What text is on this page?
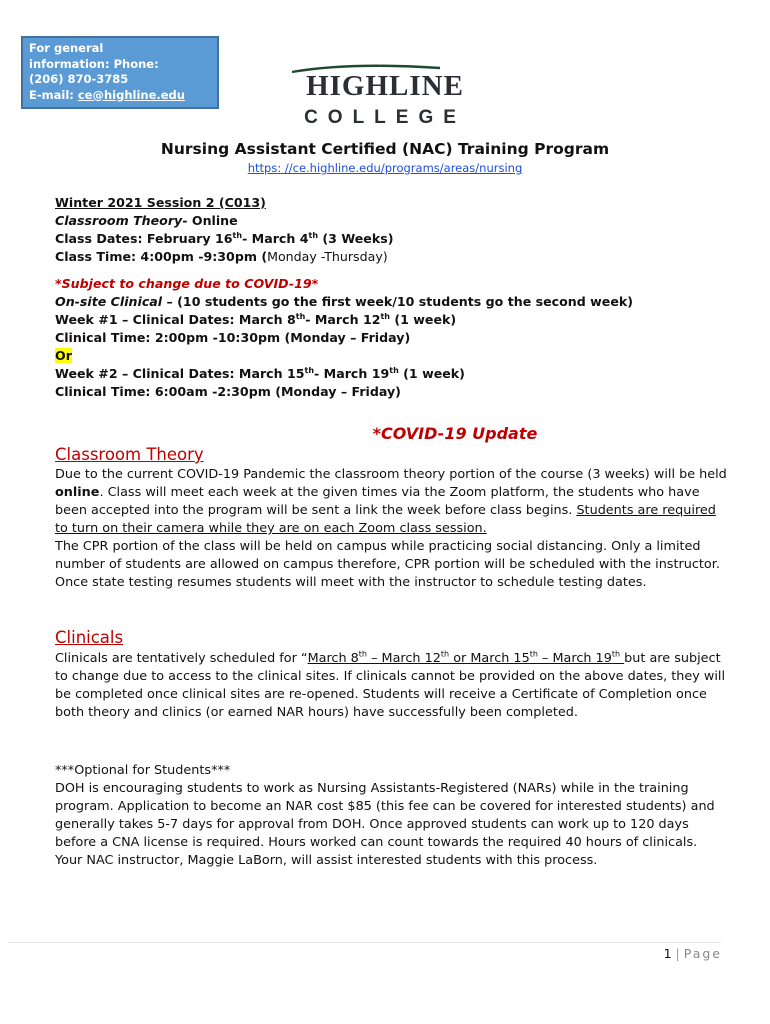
For general
information: Phone:
(206) 870-3785
E-mail: ce@highline.edu	HIGHLINE
COLLEGE
Nursing Assistant Certified (NAC) Training Program
https: //ce.highline.edu/programs/areas/nursing
Winter 2021 Session 2 (C013)
Classroom Theory- Online
Class Dates: February 16th- March 4th (3 Weeks)
Class Time: 4:00pm -9:30pm (Monday -Thursday)
*Subject to change due to COVID-19*
On-site Clinical – (10 students go the first week/10 students go the second week)
Week #1 – Clinical Dates: March 8th- March 12th (1 week)
Clinical Time: 2:00pm -10:30pm (Monday – Friday)
Or
Week #2 – Clinical Dates: March 15th- March 19th (1 week)
Clinical Time: 6:00am -2:30pm (Monday – Friday)
*COVID-19 Update
Classroom Theory

Due to the current COVID-19 Pandemic the classroom theory portion of the course (3 weeks) will be held online. Class will meet each week at the given times via the Zoom platform, the students who have been accepted into the program will be sent a link the week before class begins. Students are required to turn on their camera while they are on each Zoom class session.

The CPR portion of the class will be held on campus while practicing social distancing. Only a limited number of students are allowed on campus therefore, CPR portion will be scheduled with the instructor.

Once state testing resumes students will meet with the instructor to schedule testing dates.

Clinicals

Clinicals are tentatively scheduled for “March 8th – March 12th or March 15th – March 19th but are subject to change due to access to the clinical sites. If clinicals cannot be provided on the above dates, they will be completed once clinical sites are re-opened. Students will receive a Certificate of Completion once both theory and clinics (or earned NAR hours) have successfully been completed.

***Optional for Students***

DOH is encouraging students to work as Nursing Assistants-Registered (NARs) while in the training program. Application to become an NAR cost $85 (this fee can be covered for interested students) and generally takes 5-7 days for approval from DOH. Once approved students can work up to 120 days before a CNA license is required. Hours worked can count towards the required 40 hours of clinicals. Your NAC instructor, Maggie LaBorn, will assist interested students with this process.

1 | Page
